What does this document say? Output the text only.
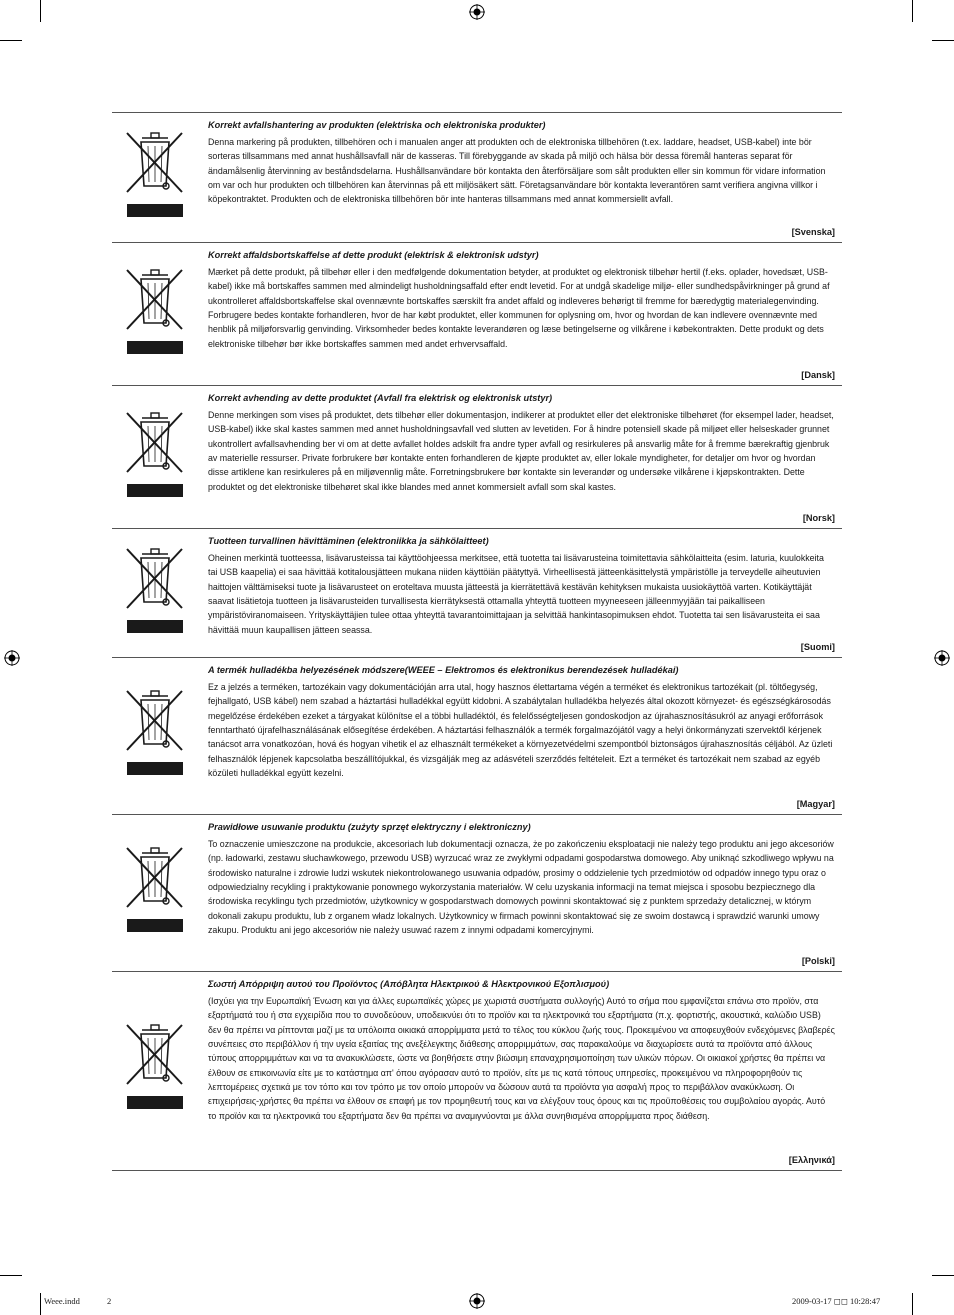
Korrekt avfallshantering av produkten (elektriska och elektroniska produkter)

Denna markering på produkten, tillbehören och i manualen anger att produkten och de elektroniska tillbehören (t.ex. laddare, headset, USB-kabel) inte bör sorteras tillsammans med annat hushållsavfall när de kasseras. Till förebyggande av skada på miljö och hälsa bör dessa föremål hanteras separat för ändamålsenlig återvinning av beståndsdelarna. Hushållsanvändare bör kontakta den återförsäljare som sålt produkten eller sin kommun för vidare information om var och hur produkten och tillbehören kan återvinnas på ett miljösäkert sätt. Företagsanvändare bör kontakta leverantören samt verifiera angivna villkor i köpekontraktet. Produkten och de elektroniska tillbehören bör inte hanteras tillsammans med annat kommersiellt avfall.

[Svenska]
Korrekt affaldsbortskaffelse af dette produkt (elektrisk & elektronisk udstyr)

Mærket på dette produkt, på tilbehør eller i den medfølgende dokumentation betyder, at produktet og elektronisk tilbehør hertil (f.eks. oplader, hovedsæt, USB-kabel) ikke må bortskaffes sammen med almindeligt husholdningsaffald efter endt levetid. For at undgå skadelige miljø- eller sundhedspåvirkninger på grund af ukontrolleret affaldsbortskaffelse skal ovennævnte bortskaffes særskilt fra andet affald og indleveres behørigt til fremme for bæredygtig materialegenvinding. Forbrugere bedes kontakte forhandleren, hvor de har købt produktet, eller kommunen for oplysning om, hvor og hvordan de kan indlevere ovennævnte med henblik på miljøforsvarlig genvinding. Virksomheder bedes kontakte leverandøren og læse betingelserne og vilkårene i købekontrakten. Dette produkt og dets elektroniske tilbehør bør ikke bortskaffes sammen med andet erhvervsaffald.

[Dansk]
Korrekt avhending av dette produktet (Avfall fra elektrisk og elektronisk utstyr)

Denne merkingen som vises på produktet, dets tilbehør eller dokumentasjon, indikerer at produktet eller det elektroniske tilbehøret (for eksempel lader, headset, USB-kabel) ikke skal kastes sammen med annet husholdningsavfall ved slutten av levetiden. For å hindre potensiell skade på miljøet eller helseskader grunnet ukontrollert avfallsavhending ber vi om at dette avfallet holdes adskilt fra andre typer avfall og resirkuleres på ansvarlig måte for å fremme bærekraftig gjenbruk av materielle ressurser. Private forbrukere bør kontakte enten forhandleren de kjøpte produktet av, eller lokale myndigheter, for detaljer om hvor og hvordan disse artiklene kan resirkuleres på en miljøvennlig måte. Forretningsbrukere bør kontakte sin leverandør og undersøke vilkårene i kjøpskontrakten. Dette produktet og det elektroniske tilbehøret skal ikke blandes med annet kommersielt avfall som skal kastes.

[Norsk]
Tuotteen turvallinen hävittäminen (elektroniikka ja sähkölaitteet)

Oheinen merkintä tuotteessa, lisävarusteissa tai käyttöohjeessa merkitsee, että tuotetta tai lisävarusteina toimitettavia sähkölaitteita (esim. laturia, kuulokkeita tai USB kaapelia) ei saa hävittää kotitalousjätteen mukana niiden käyttöiän päätyttyä. Virheellisestä jätteenkäsittelystä ympäristölle ja terveydelle aiheutuvien haittojen välttämiseksi tuote ja lisävarusteet on eroteltava muusta jätteestä ja kierrätettävä kestävän kehityksen mukaista uusiokäyttöä varten. Kotikäyttäjät saavat lisätietoja tuotteen ja lisävarusteiden turvallisesta kierrätyksestä ottamalla yhteyttä tuotteen myyneeseen jälleenmyyjään tai paikalliseen ympäristöviranomaiseen. Yrityskäyttäjien tulee ottaa yhteyttä tavarantoimittajaan ja selvittää hankintasopimuksen ehdot. Tuotetta tai sen lisävarusteita ei saa hävittää muun kaupallisen jätteen seassa.

[Suomi]
A termék hulladékba helyezésének módszere(WEEE – Elektromos és elektronikus berendezések hulladékai)

Ez a jelzés a terméken, tartozékain vagy dokumentációján arra utal, hogy hasznos élettartama végén a terméket és elektronikus tartozékait (pl. töltőegység, fejhallgató, USB kábel) nem szabad a háztartási hulladékkal együtt kidobni. A szabálytalan hulladékba helyezés által okozott környezet- és egészségkárosodás megelőzése érdekében ezeket a tárgyakat különítse el a többi hulladéktól, és felelősségteljesen gondoskodjon az újrahasznosításukról az anyagi erőforrások fenntartható újrafelhasználásának elősegítése érdekében. A háztartási felhasználók a termék forgalmazójától vagy a helyi önkormányzati szervektől kérjenek tanácsot arra vonatkozóan, hová és hogyan vihetik el az elhasznált termékeket a környezetvédelmi szempontból biztonságos újrahasznosítás céljából. Az üzleti felhasználók lépjenek kapcsolatba beszállítójukkal, és vizsgálják meg az adásvételi szerződés feltételeit. Ezt a terméket és tartozékait nem szabad az egyéb közületi hulladékkal együtt kezelni.

[Magyar]
Prawidłowe usuwanie produktu (zużyty sprzęt elektryczny i elektroniczny)

To oznaczenie umieszczone na produkcie, akcesoriach lub dokumentacji oznacza, że po zakończeniu eksploatacji nie należy tego produktu ani jego akcesoriów (np. ładowarki, zestawu słuchawkowego, przewodu USB) wyrzucać wraz ze zwykłymi odpadami gospodarstwa domowego. Aby uniknąć szkodliwego wpływu na środowisko naturalne i zdrowie ludzi wskutek niekontrolowanego usuwania odpadów, prosimy o oddzielenie tych przedmiotów od odpadów innego typu oraz o odpowiedzialny recykling i praktykowanie ponownego wykorzystania materiałów. W celu uzyskania informacji na temat miejsca i sposobu bezpiecznego dla środowiska recyklingu tych przedmiotów, użytkownicy w gospodarstwach domowych powinni skontaktować się z punktem sprzedaży detalicznej, w którym dokonali zakupu produktu, lub z organem władz lokalnych. Użytkownicy w firmach powinni skontaktować się ze swoim dostawcą i sprawdzić warunki umowy zakupu. Produktu ani jego akcesoriów nie należy usuwać razem z innymi odpadami komercyjnymi.

[Polski]
Σωστή Απόρριψη αυτού του Προϊόντος (Απόβλητα Ηλεκτρικού & Ηλεκτρονικού Εξοπλισμού)

(Ισχύει για την Ευρωπαϊκή Ένωση και για άλλες ευρωπαϊκές χώρες με χωριστά συστήματα συλλογής) Αυτό το σήμα που εμφανίζεται επάνω στο προϊόν, στα εξαρτήματά του ή στα εγχειρίδια που το συνοδεύουν, υποδεικνύει ότι το προϊόν και τα ηλεκτρονικά του εξαρτήματα (π.χ. φορτιστής, ακουστικά, καλώδιο USB) δεν θα πρέπει να ρίπτονται μαζί με τα υπόλοιπα οικιακά απορρίμματα μετά το τέλος του κύκλου ζωής τους. Προκειμένου να αποφευχθούν ενδεχόμενες βλαβερές συνέπειες στο περιβάλλον ή την υγεία εξαιτίας της ανεξέλεγκτης διάθεσης απορριμμάτων, σας παρακαλούμε να διαχωρίσετε αυτά τα προϊόντα από άλλους τύπους απορριμμάτων και να τα ανακυκλώσετε, ώστε να βοηθήσετε στην βιώσιμη επαναχρησιμοποίηση των υλικών πόρων. Οι οικιακοί χρήστες θα πρέπει να έλθουν σε επικοινωνία είτε με το κατάστημα απ' όπου αγόρασαν αυτό το προϊόν, είτε με τις κατά τόπους υπηρεσίες, προκειμένου να πληροφορηθούν τις λεπτομέρειες σχετικά με τον τόπο και τον τρόπο με τον οποίο μπορούν να δώσουν αυτά τα προϊόντα για ασφαλή προς το περιβάλλον ανακύκλωση. Οι επιχειρήσεις-χρήστες θα πρέπει να έλθουν σε επαφή με τον προμηθευτή τους και να ελέγξουν τους όρους και τις προϋποθέσεις του συμβολαίου αγοράς. Αυτό το προϊόν και τα ηλεκτρονικά του εξαρτήματα δεν θα πρέπει να αναμιγνύονται με άλλα συνηθισμένα απορρίμματα προς διάθεση.

[Ελληνικά]
Weee.indd	2	2009-03-17 ◻◻ 10:28:47
